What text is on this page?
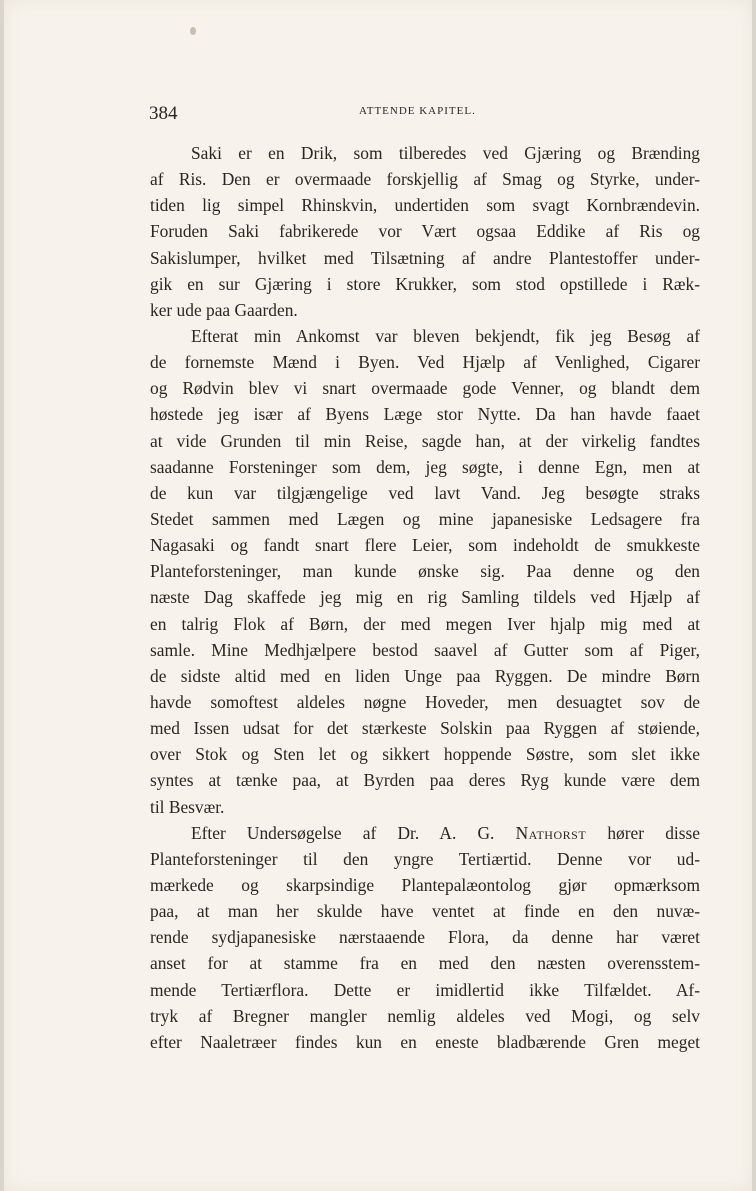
384	ATTENDE KAPITEL.
Saki er en Drik, som tilberedes ved Gjæring og Brænding
af Ris. Den er overmaade forskjellig af Smag og Styrke, under-
tiden lig simpel Rhinskvin, undertiden som svagt Kornbrændevin.
Foruden Saki fabrikerede vor Vært ogsaa Eddike af Ris og
Sakislumper, hvilket med Tilsætning af andre Plantestoffer under-
gik en sur Gjæring i store Krukker, som stod opstillede i Ræk-
ker ude paa Gaarden.
Efterat min Ankomst var bleven bekjendt, fik jeg Besøg af
de fornemste Mænd i Byen. Ved Hjælp af Venlighed, Cigarer
og Rødvin blev vi snart overmaade gode Venner, og blandt dem
høstede jeg især af Byens Læge stor Nytte. Da han havde faaet
at vide Grunden til min Reise, sagde han, at der virkelig fandtes
saadanne Forsteninger som dem, jeg søgte, i denne Egn, men at
de kun var tilgjængelige ved lavt Vand. Jeg besøgte straks
Stedet sammen med Lægen og mine japanesiske Ledsagere fra
Nagasaki og fandt snart flere Leier, som indeholdt de smukkeste
Planteforsteninger, man kunde ønske sig. Paa denne og den
næste Dag skaffede jeg mig en rig Samling tildels ved Hjælp af
en talrig Flok af Børn, der med megen Iver hjalp mig med at
samle. Mine Medhjælpere bestod saavel af Gutter som af Piger,
de sidste altid med en liden Unge paa Ryggen. De mindre Børn
havde somoftest aldeles nøgne Hoveder, men desuagtet sov de
med Issen udsat for det stærkeste Solskin paa Ryggen af støiende,
over Stok og Sten let og sikkert hoppende Søstre, som slet ikke
syntes at tænke paa, at Byrden paa deres Ryg kunde være dem
til Besvær.
Efter Undersøgelse af Dr. A. G. Nathorst hører disse
Planteforsteninger til den yngre Tertiærtid. Denne vor ud-
mærkede og skarpsindige Plantepalæontolog gjør opmærksom
paa, at man her skulde have ventet at finde en den nuvæ-
rende sydjapanesiske nærstaaende Flora, da denne har været
anset for at stamme fra en med den næsten overensstem-
mende Tertiærflora. Dette er imidlertid ikke Tilfældet. Af-
tryk af Bregner mangler nemlig aldeles ved Mogi, og selv
efter Naaletræer findes kun en eneste bladbærende Gren meget
